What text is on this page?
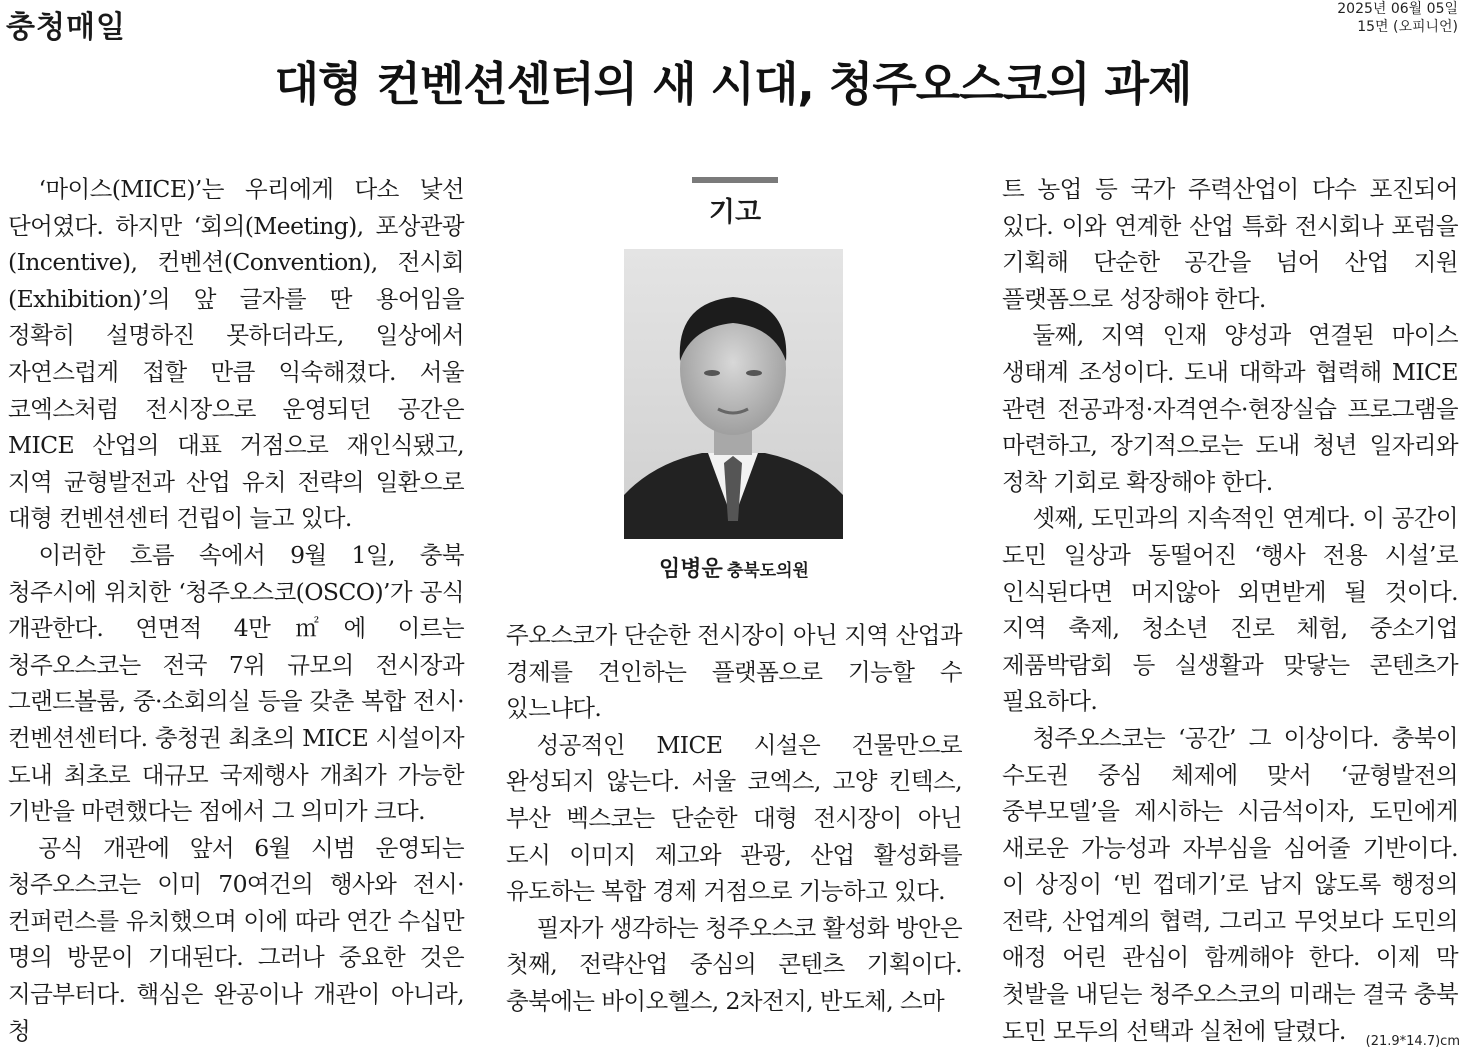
충청매일
2025년 06월 05일
15면 (오피니언)
대형 컨벤션센터의 새 시대, 청주오스코의 과제

‘마이스(MICE)’는 우리에게 다소 낯선 단어였다. 하지만 ‘회의(Meeting), 포상관광(Incentive), 컨벤션(Convention), 전시회(Exhibition)’의 앞 글자를 딴 용어임을 정확히 설명하진 못하더라도, 일상에서 자연스럽게 접할 만큼 익숙해졌다. 서울 코엑스처럼 전시장으로 운영되던 공간은 MICE 산업의 대표 거점으로 재인식됐고, 지역 균형발전과 산업 유치 전략의 일환으로 대형 컨벤션센터 건립이 늘고 있다.

이러한 흐름 속에서 9월 1일, 충북 청주시에 위치한 ‘청주오스코(OSCO)’가 공식 개관한다. 연면적 4만㎡에 이르는 청주오스코는 전국 7위 규모의 전시장과 그랜드볼룸, 중·소회의실 등을 갖춘 복합 전시·컨벤션센터다. 충청권 최초의 MICE 시설이자 도내 최초로 대규모 국제행사 개최가 가능한 기반을 마련했다는 점에서 그 의미가 크다.

공식 개관에 앞서 6월 시범 운영되는 청주오스코는 이미 70여건의 행사와 전시·컨퍼런스를 유치했으며 이에 따라 연간 수십만 명의 방문이 기대된다. 그러나 중요한 것은 지금부터다. 핵심은 완공이나 개관이 아니라, 청

기고
임병운 충북도의원

주오스코가 단순한 전시장이 아닌 지역 산업과 경제를 견인하는 플랫폼으로 기능할 수 있느냐다.

성공적인 MICE 시설은 건물만으로 완성되지 않는다. 서울 코엑스, 고양 킨텍스, 부산 벡스코는 단순한 대형 전시장이 아닌 도시 이미지 제고와 관광, 산업 활성화를 유도하는 복합 경제 거점으로 기능하고 있다.

필자가 생각하는 청주오스코 활성화 방안은 첫째, 전략산업 중심의 콘텐츠 기획이다. 충북에는 바이오헬스, 2차전지, 반도체, 스마

트 농업 등 국가 주력산업이 다수 포진되어 있다. 이와 연계한 산업 특화 전시회나 포럼을 기획해 단순한 공간을 넘어 산업 지원 플랫폼으로 성장해야 한다.

둘째, 지역 인재 양성과 연결된 마이스 생태계 조성이다. 도내 대학과 협력해 MICE 관련 전공과정·자격연수·현장실습 프로그램을 마련하고, 장기적으로는 도내 청년 일자리와 정착 기회로 확장해야 한다.

셋째, 도민과의 지속적인 연계다. 이 공간이 도민 일상과 동떨어진 ‘행사 전용 시설’로 인식된다면 머지않아 외면받게 될 것이다. 지역 축제, 청소년 진로 체험, 중소기업 제품박람회 등 실생활과 맞닿는 콘텐츠가 필요하다.

청주오스코는 ‘공간’ 그 이상이다. 충북이 수도권 중심 체제에 맞서 ‘균형발전의 중부모델’을 제시하는 시금석이자, 도민에게 새로운 가능성과 자부심을 심어줄 기반이다. 이 상징이 ‘빈 껍데기’로 남지 않도록 행정의 전략, 산업계의 협력, 그리고 무엇보다 도민의 애정 어린 관심이 함께해야 한다. 이제 막 첫발을 내딛는 청주오스코의 미래는 결국 충북 도민 모두의 선택과 실천에 달렸다.	(21.9*14.7)cm
